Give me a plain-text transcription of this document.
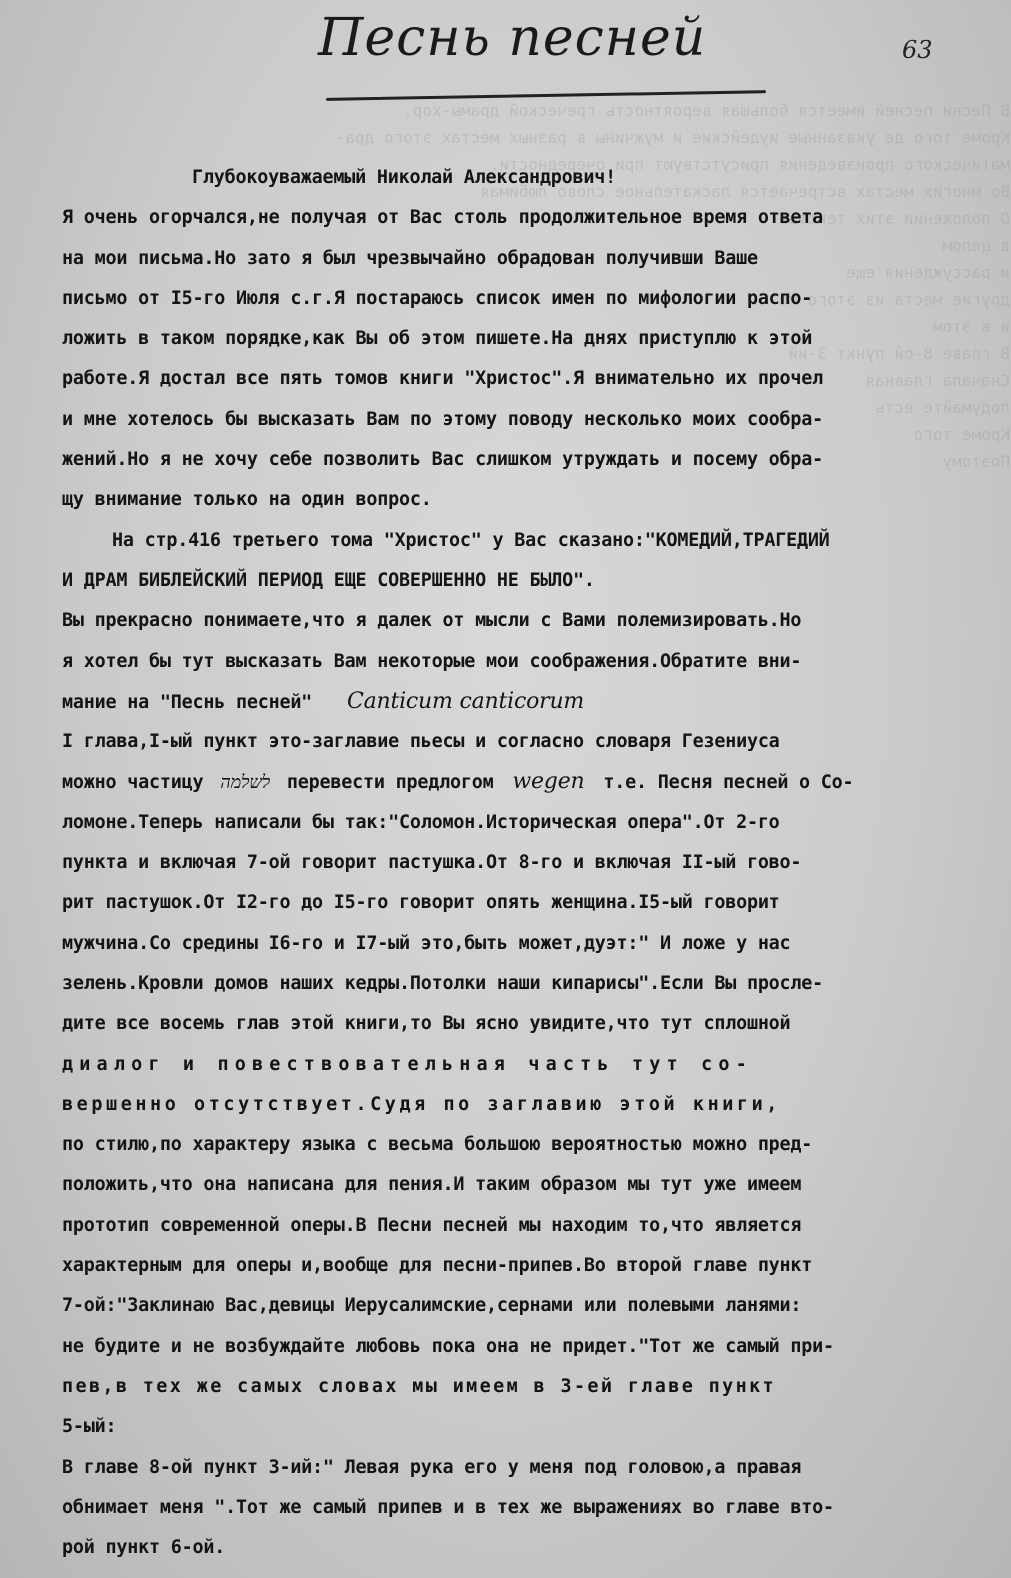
В Песни песней имеется большая вероятность греческой драмы-хор.
Кроме того де указанные иудейские и мужчины в разных местах этого дра-
матического произведения присутствуют при очередности.
Во многих местах встречается ласкательное слово любимая
О положении этих текстов
в целом
и рассуждения еще
другие места из этого же
и в этом
В главе 8-ой пункт 3-ий
Сначала главная
подумайте есть
Кроме того
Поэтому

Песнь песней	63
Глубокоуважаемый Николай Александрович!
Я очень огорчался,не получая от Вас столь продолжительное время ответа
на мои письма.Но зато я был чрезвычайно обрадован получивши Ваше
письмо от I5-го Июля с.г.Я постараюсь список имен по мифологии распо-
ложить в таком порядке,как Вы об этом пишете.На днях приступлю к этой
работе.Я достал все пять томов книги "Христос".Я внимательно их прочел
и мне хотелось бы высказать Вам по этому поводу несколько моих сообра-
жений.Но я не хочу себе позволить Вас слишком утруждать и посему обра-
щу внимание только на один вопрос.
На стр.416 третьего тома "Христос" у Вас сказано:"КОМЕДИЙ,ТРАГЕДИЙ
И ДРАМ БИБЛЕЙСКИЙ ПЕРИОД ЕЩЕ СОВЕРШЕННО НЕ БЫЛО".
Вы прекрасно понимаете,что я далек от мысли с Вами полемизировать.Но
я хотел бы тут высказать Вам некоторые мои соображения.Обратите вни-
мание на "Песнь песней" Canticum canticorum
I глава,I-ый пункт это-заглавие пьесы и согласно словаря Гезениуса
можно частицу לשלמה перевести предлогом wegen т.е. Песня песней о Со-
ломоне.Теперь написали бы так:"Соломон.Историческая опера".От 2-го
пункта и включая 7-ой говорит пастушка.От 8-го и включая II-ый гово-
рит пастушок.От I2-го до I5-го говорит опять женщина.I5-ый говорит
мужчина.Со средины I6-го и I7-ый это,быть может,дуэт:" И ложе у нас
зелень.Кровли домов наших кедры.Потолки наши кипарисы".Если Вы просле-
дите все восемь глав этой книги,то Вы ясно увидите,что тут сплошной
диалог и повествовательная часть тут со-
вершенно отсутствует.Судя по заглавию этой книги,
по стилю,по характеру языка с весьма большою вероятностью можно пред-
положить,что она написана для пения.И таким образом мы тут уже имеем
прототип современной оперы.В Песни песней мы находим то,что является
характерным для оперы и,вообще для песни-припев.Во второй главе пункт
7-ой:"Заклинаю Вас,девицы Иерусалимские,сернами или полевыми ланями:
не будите и не возбуждайте любовь пока она не придет."Тот же самый при-
пев,в тех же самых словах мы имеем в 3-ей главе пункт
5-ый:
В главе 8-ой пункт 3-ий:" Левая рука его у меня под головою,а правая
обнимает меня ".Тот же самый припев и в тех же выражениях во главе вто-
рой пункт 6-ой.
